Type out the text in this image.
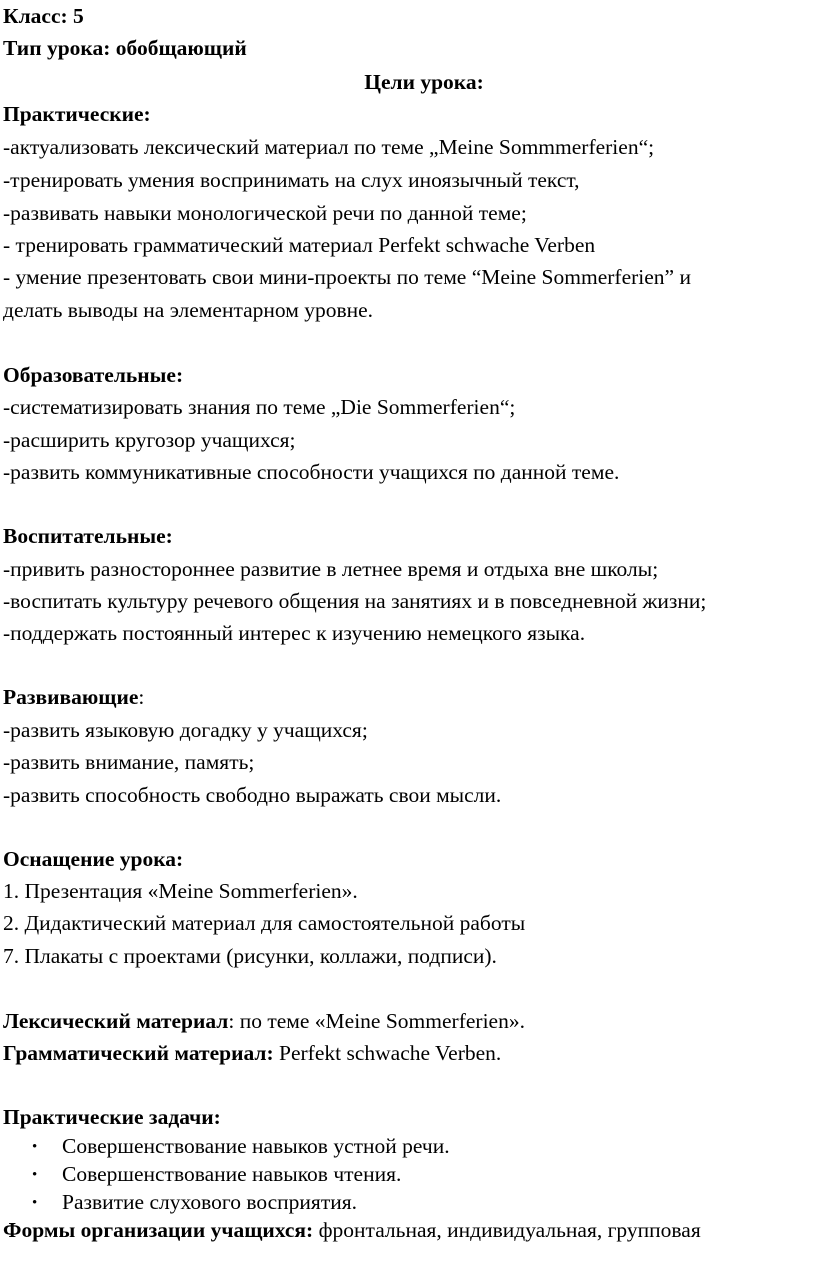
Класс: 5
Тип урока: обобщающий
Цели урока:
Практические:
-актуализовать лексический материал по теме „Meine Sommmerferien“;
-тренировать умения воспринимать на слух иноязычный текст,
-развивать навыки монологической речи по данной теме;
- тренировать грамматический материал Perfekt schwache Verben
- умение презентовать свои мини-проекты по теме “Meine Sommerferien” и
делать выводы на элементарном уровне.
Образовательные:
-систематизировать знания по теме „Die Sommerferien“;
-расширить кругозор учащихся;
-развить коммуникативные способности учащихся по данной теме.
Воспитательные:
-привить разностороннее развитие в летнее время и отдыха вне школы;
-воспитать культуру речевого общения на занятиях и в повседневной жизни;
-поддержать постоянный интерес к изучению немецкого языка.
Развивающие:
-развить языковую догадку у учащихся;
-развить внимание, память;
-развить способность свободно выражать свои мысли.
Оснащение урока:
1. Презентация «Meine Sommerferien».
2. Дидактический материал для самостоятельной работы
7. Плакаты с проектами (рисунки, коллажи, подписи).
Лексический материал: по теме «Meine Sommerferien».
Грамматический материал: Perfekt schwache Verben.
Практические задачи:
• Совершенствование навыков устной речи.
• Совершенствование навыков чтения.
• Развитие слухового восприятия.
Формы организации учащихся: фронтальная, индивидуальная, групповая
